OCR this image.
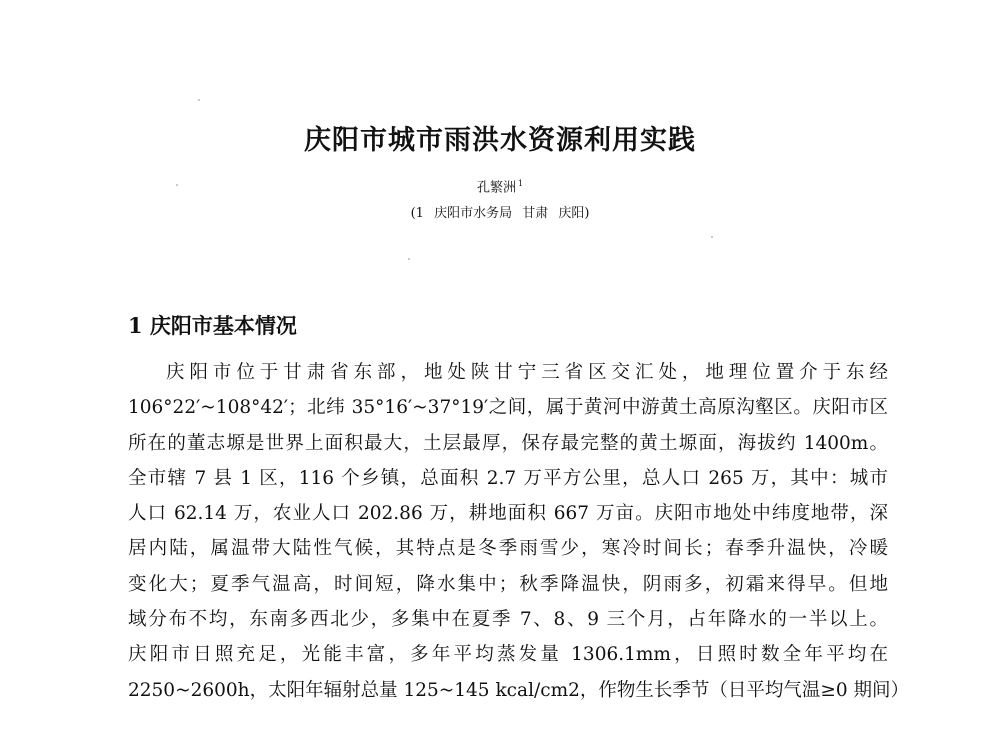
庆阳市城市雨洪水资源利用实践
孔繁洲 $^1$
(1 庆阳市水务局 甘肃 庆阳)
1 庆阳市基本情况
庆阳市位于甘肃省东部，地处陕甘宁三省区交汇处，地理位置介于东经
106°22′~108°42′；北纬 35°16′~37°19′之间，属于黄河中游黄土高原沟壑区。庆阳市区
所在的董志塬是世界上面积最大，土层最厚，保存最完整的黄土塬面，海拔约 1400m。
全市辖 7 县 1 区，116 个乡镇，总面积 2.7 万平方公里，总人口 265 万，其中：城市
人口 62.14 万，农业人口 202.86 万，耕地面积 667 万亩。庆阳市地处中纬度地带，深
居内陆，属温带大陆性气候，其特点是冬季雨雪少，寒冷时间长；春季升温快，冷暖
变化大；夏季气温高，时间短，降水集中；秋季降温快，阴雨多，初霜来得早。但地
域分布不均，东南多西北少，多集中在夏季 7、8、9 三个月，占年降水的一半以上。
庆阳市日照充足，光能丰富，多年平均蒸发量 1306.1mm，日照时数全年平均在
2250~2600h，太阳年辐射总量 125~145 kcal/cm2，作物生长季节（日平均气温≥0 期间）
